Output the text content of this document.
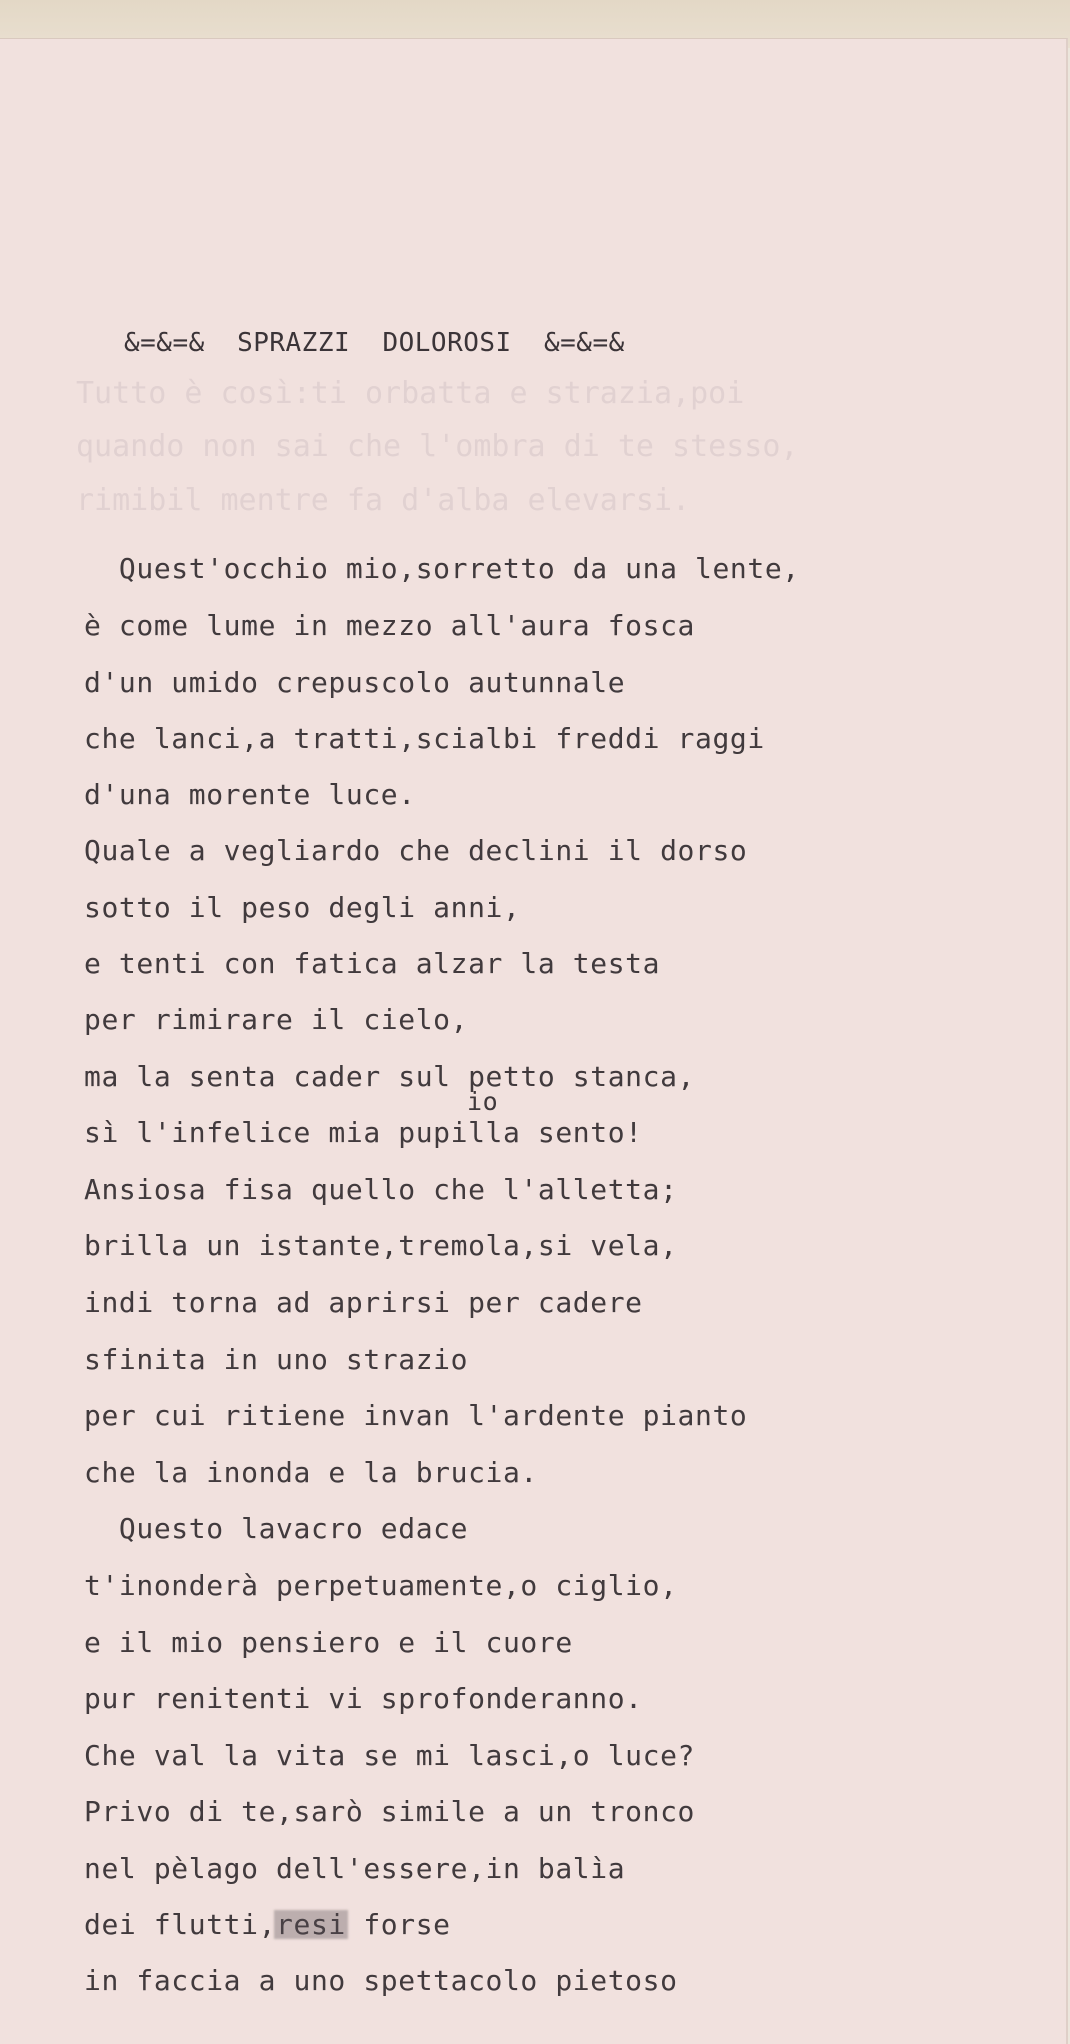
Tutto è così:ti orbatta e strazia,poi
quando non sai che l'ombra di te stesso,
rimibil mentre fa d'alba elevarsi.
&=&=&  SPRAZZI  DOLOROSI  &=&=&
Quest'occhio mio,sorretto da una lente,
è come lume in mezzo all'aura fosca
d'un umido crepuscolo autunnale
che lanci,a tratti,scialbi freddi raggi
d'una morente luce.
Quale a vegliardo che declini il dorso
sotto il peso degli anni,
e tenti con fatica alzar la testa
per rimirare il cielo,
ma la senta cader sul petto stanca,
io
sì l'infelice mia pupilla sento!
Ansiosa fisa quello che l'alletta;
brilla un istante,tremola,si vela,
indi torna ad aprirsi per cadere
sfinita in uno strazio
per cui ritiene invan l'ardente pianto
che la inonda e la brucia.
Questo lavacro edace
t'inonderà perpetuamente,o ciglio,
e il mio pensiero e il cuore
pur renitenti vi sprofonderanno.
Che val la vita se mi lasci,o luce?
Privo di te,sarò simile a un tronco
nel pèlago dell'essere,in balìa
dei flutti,resi forse
in faccia a uno spettacolo pietoso
